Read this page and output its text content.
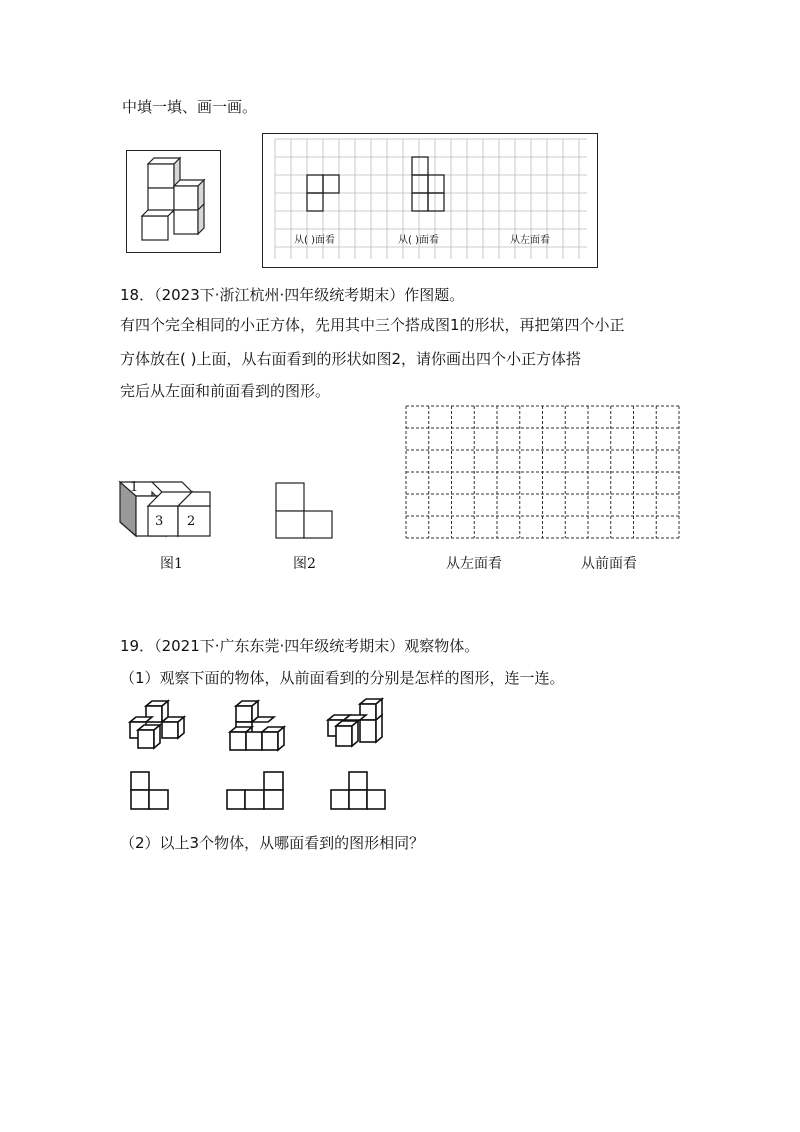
中填一填、画一画。
从( )面看	从( )面看	从左面看
18．（2023下·浙江杭州·四年级统考期末）作图题。
有四个完全相同的小正方体，先用其中三个搭成图1的形状，再把第四个小正
方体放在( )上面，从右面看到的形状如图2，请你画出四个小正方体搭
完后从左面和前面看到的图形。
1
3 2
图1	图2	从左面看	从前面看
19．（2021下·广东东莞·四年级统考期末）观察物体。
（1）观察下面的物体，从前面看到的分别是怎样的图形，连一连。
（2）以上3个物体，从哪面看到的图形相同？
